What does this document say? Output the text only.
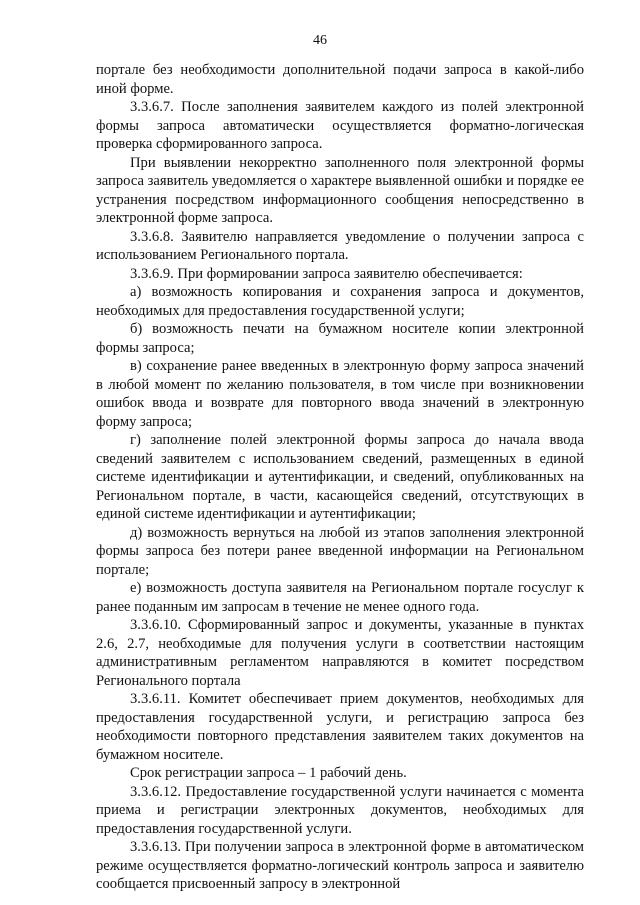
46

порталe без необходимости дополнительной подачи запроса в какой-либо иной форме.

3.3.6.7. После заполнения заявителем каждого из полей электронной формы запроса автоматически осуществляется форматно-логическая проверка сформированного запроса.

При выявлении некорректно заполненного поля электронной формы запроса заявитель уведомляется о характере выявленной ошибки и порядке ее устранения посредством информационного сообщения непосредственно в электронной форме запроса.

3.3.6.8. Заявителю направляется уведомление о получении запроса с использованием Регионального портала.

3.3.6.9. При формировании запроса заявителю обеспечивается:

а) возможность копирования и сохранения запроса и документов, необходимых для предоставления государственной услуги;

б) возможность печати на бумажном носителе копии электронной формы запроса;

в) сохранение ранее введенных в электронную форму запроса значений в любой момент по желанию пользователя, в том числе при возникновении ошибок ввода и возврате для повторного ввода значений в электронную форму запроса;

г) заполнение полей электронной формы запроса до начала ввода сведений заявителем с использованием сведений, размещенных в единой системе идентификации и аутентификации, и сведений, опубликованных на Региональном портале, в части, касающейся сведений, отсутствующих в единой системе идентификации и аутентификации;

д) возможность вернуться на любой из этапов заполнения электронной формы запроса без потери ранее введенной информации на Региональном портале;

е) возможность доступа заявителя на Региональном портале госуслуг к ранее поданным им запросам в течение не менее одного года.

3.3.6.10. Сформированный запрос и документы, указанные в пунктах 2.6, 2.7, необходимые для получения услуги в соответствии настоящим административным регламентом направляются в комитет посредством Регионального портала

3.3.6.11. Комитет обеспечивает прием документов, необходимых для предоставления государственной услуги, и регистрацию запроса без необходимости повторного представления заявителем таких документов на бумажном носителе.

Срок регистрации запроса – 1 рабочий день.

3.3.6.12. Предоставление государственной услуги начинается с момента приема и регистрации электронных документов, необходимых для предоставления государственной услуги.

3.3.6.13. При получении запроса в электронной форме в автоматическом режиме осуществляется форматно-логический контроль запроса и заявителю сообщается присвоенный запросу в электронной
